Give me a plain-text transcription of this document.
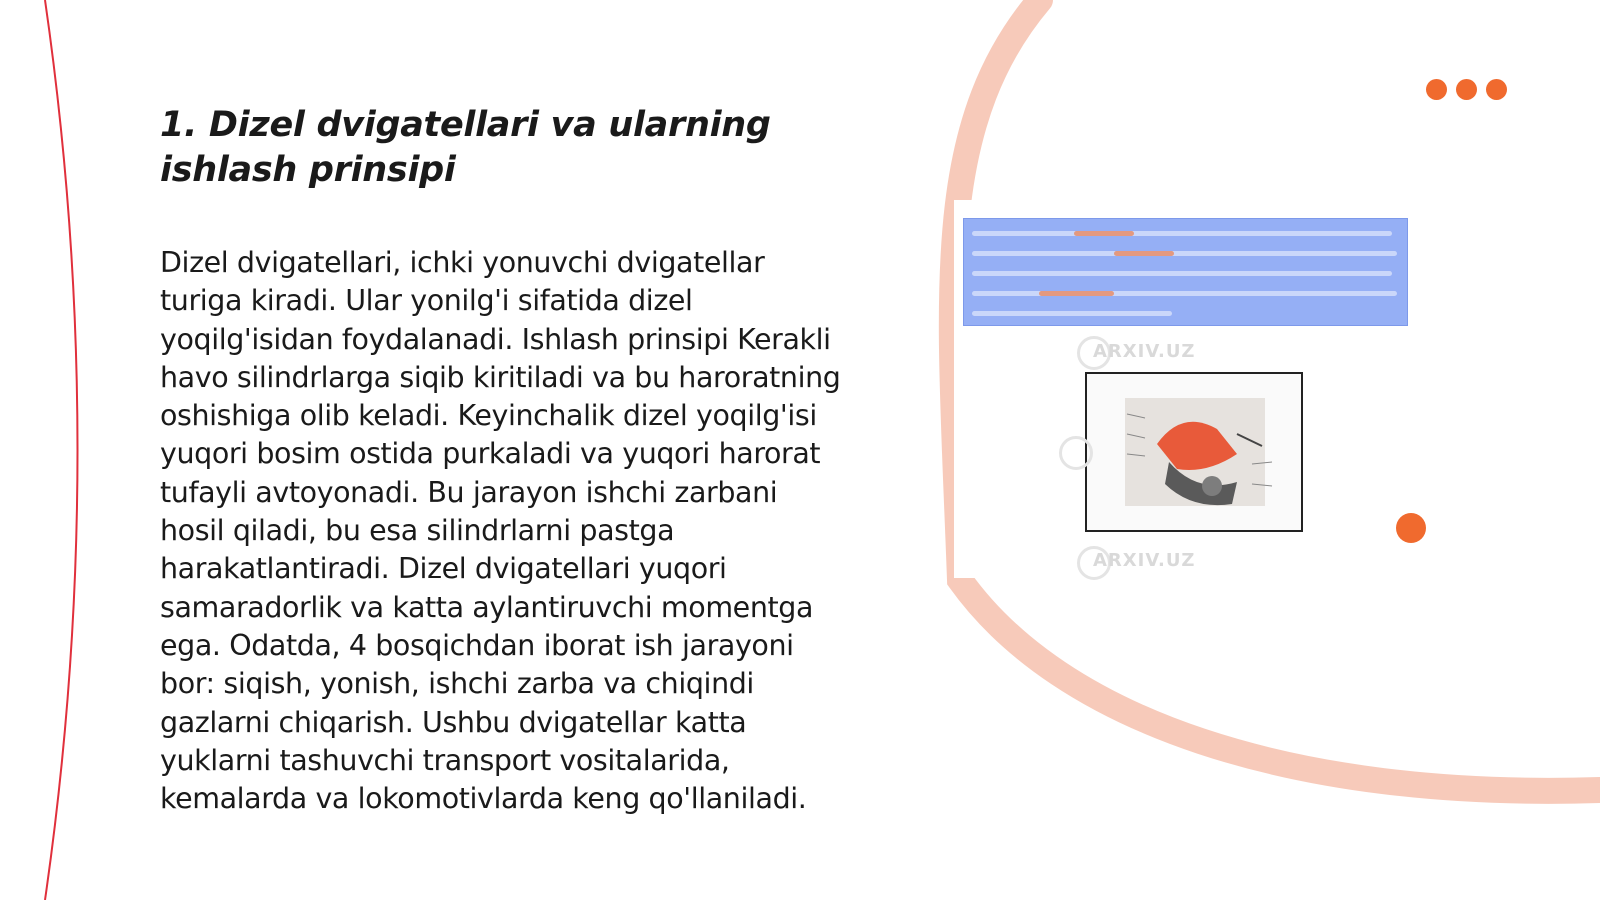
1. Dizel dvigatellari va ularning ishlash prinsipi

Dizel dvigatellari, ichki yonuvchi dvigatellar turiga kiradi. Ular yonilg'i sifatida dizel yoqilg'isidan foydalanadi. Ishlash prinsipi Kerakli havo silindrlarga siqib kiritiladi va bu haroratning oshishiga olib keladi. Keyinchalik dizel yoqilg'isi yuqori bosim ostida purkaladi va yuqori harorat tufayli avtoyonadi. Bu jarayon ishchi zarbani hosil qiladi, bu esa silindrlarni pastga harakatlantiradi. Dizel dvigatellari yuqori samaradorlik va katta aylantiruvchi momentga ega. Odatda, 4 bosqichdan iborat ish jarayoni bor: siqish, yonish, ishchi zarba va chiqindi gazlarni chiqarish. Ushbu dvigatellar katta yuklarni tashuvchi transport vositalarida, kemalarda va lokomotivlarda keng qo'llaniladi.

ARXIV.UZ
ARXIV.UZ
